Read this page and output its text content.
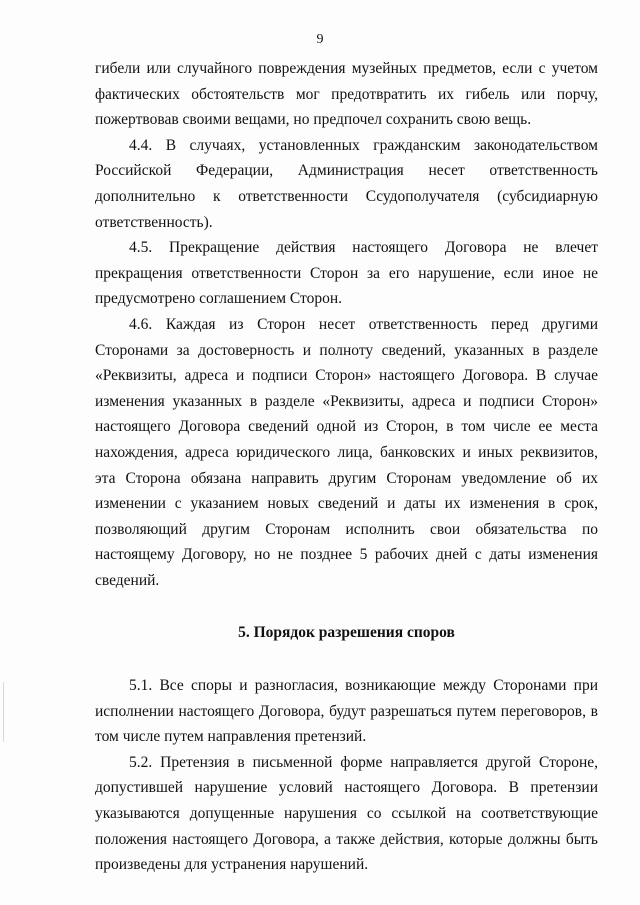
9

гибели или случайного повреждения музейных предметов, если с учетом фактических обстоятельств мог предотвратить их гибель или порчу, пожертвовав своими вещами, но предпочел сохранить свою вещь.

4.4. В случаях, установленных гражданским законодательством Российской Федерации, Администрация несет ответственность дополнительно к ответственности Ссудополучателя (субсидиарную ответственность).

4.5. Прекращение действия настоящего Договора не влечет прекращения ответственности Сторон за его нарушение, если иное не предусмотрено соглашением Сторон.

4.6. Каждая из Сторон несет ответственность перед другими Сторонами за достоверность и полноту сведений, указанных в разделе «Реквизиты, адреса и подписи Сторон» настоящего Договора. В случае изменения указанных в разделе «Реквизиты, адреса и подписи Сторон» настоящего Договора сведений одной из Сторон, в том числе ее места нахождения, адреса юридического лица, банковских и иных реквизитов, эта Сторона обязана направить другим Сторонам уведомление об их изменении с указанием новых сведений и даты их изменения в срок, позволяющий другим Сторонам исполнить свои обязательства по настоящему Договору, но не позднее 5 рабочих дней с даты изменения сведений.

5. Порядок разрешения споров

5.1. Все споры и разногласия, возникающие между Сторонами при исполнении настоящего Договора, будут разрешаться путем переговоров, в том числе путем направления претензий.

5.2. Претензия в письменной форме направляется другой Стороне, допустившей нарушение условий настоящего Договора. В претензии указываются допущенные нарушения со ссылкой на соответствующие положения настоящего Договора, а также действия, которые должны быть произведены для устранения нарушений.
